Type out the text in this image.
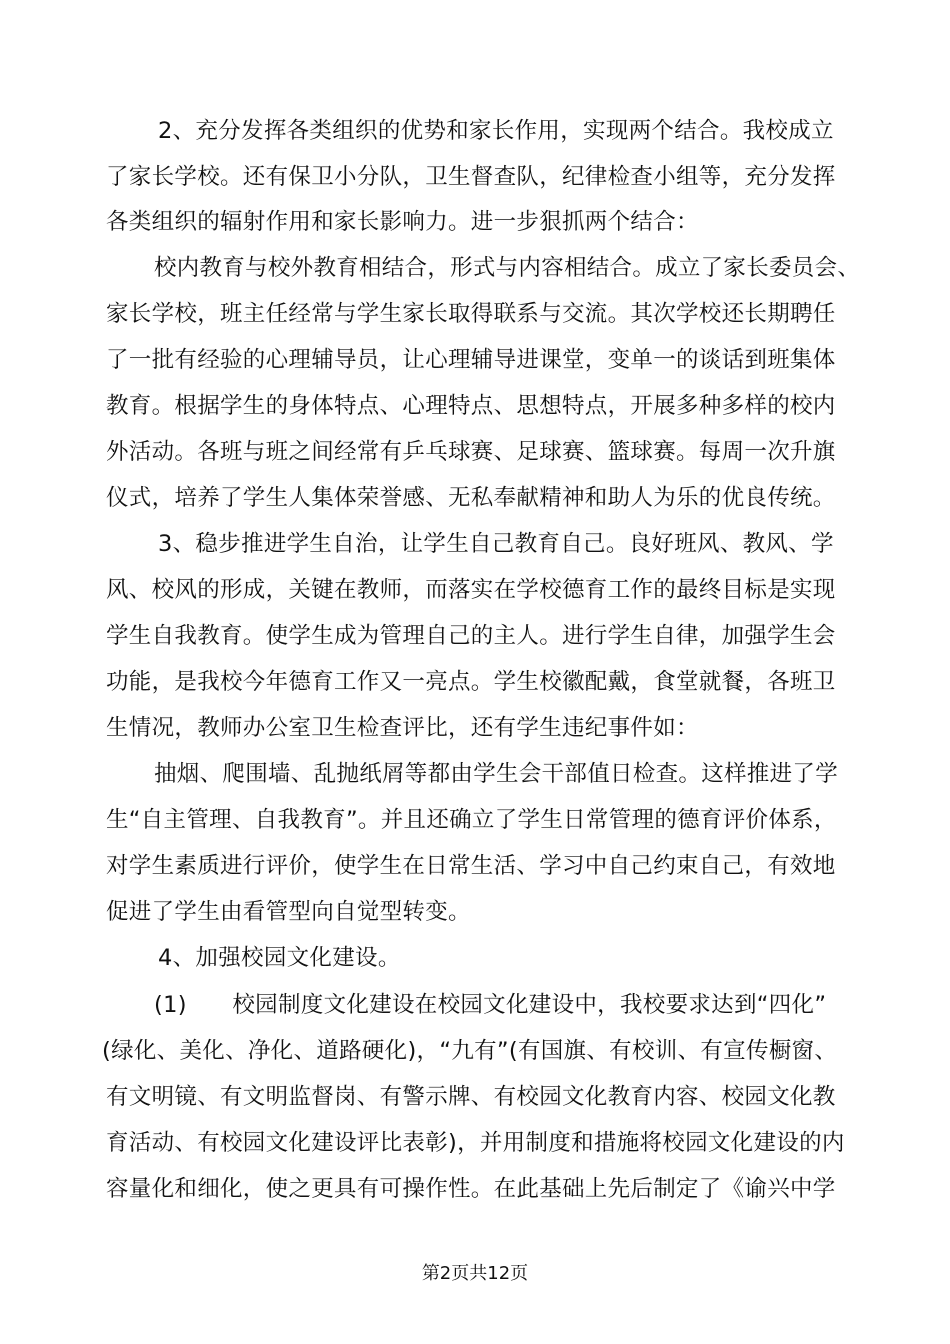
2、充分发挥各类组织的优势和家长作用，实现两个结合。我校成立
了家长学校。还有保卫小分队，卫生督查队，纪律检查小组等，充分发挥
各类组织的辐射作用和家长影响力。进一步狠抓两个结合：
校内教育与校外教育相结合，形式与内容相结合。成立了家长委员会、
家长学校，班主任经常与学生家长取得联系与交流。其次学校还长期聘任
了一批有经验的心理辅导员，让心理辅导进课堂，变单一的谈话到班集体
教育。根据学生的身体特点、心理特点、思想特点，开展多种多样的校内
外活动。各班与班之间经常有乒乓球赛、足球赛、篮球赛。每周一次升旗
仪式，培养了学生人集体荣誉感、无私奉献精神和助人为乐的优良传统。
3、稳步推进学生自治，让学生自己教育自己。良好班风、教风、学
风、校风的形成，关键在教师，而落实在学校德育工作的最终目标是实现
学生自我教育。使学生成为管理自己的主人。进行学生自律，加强学生会
功能，是我校今年德育工作又一亮点。学生校徽配戴，食堂就餐，各班卫
生情况，教师办公室卫生检查评比，还有学生违纪事件如：
抽烟、爬围墙、乱抛纸屑等都由学生会干部值日检查。这样推进了学
生“自主管理、自我教育”。并且还确立了学生日常管理的德育评价体系，
对学生素质进行评价，使学生在日常生活、学习中自己约束自己，有效地
促进了学生由看管型向自觉型转变。
4、加强校园文化建设。
(1)  校园制度文化建设在校园文化建设中，我校要求达到“四化”
(绿化、美化、净化、道路硬化)，“九有”(有国旗、有校训、有宣传橱窗、
有文明镜、有文明监督岗、有警示牌、有校园文化教育内容、校园文化教
育活动、有校园文化建设评比表彰)，并用制度和措施将校园文化建设的内
容量化和细化，使之更具有可操作性。在此基础上先后制定了《谕兴中学
第2页共12页
